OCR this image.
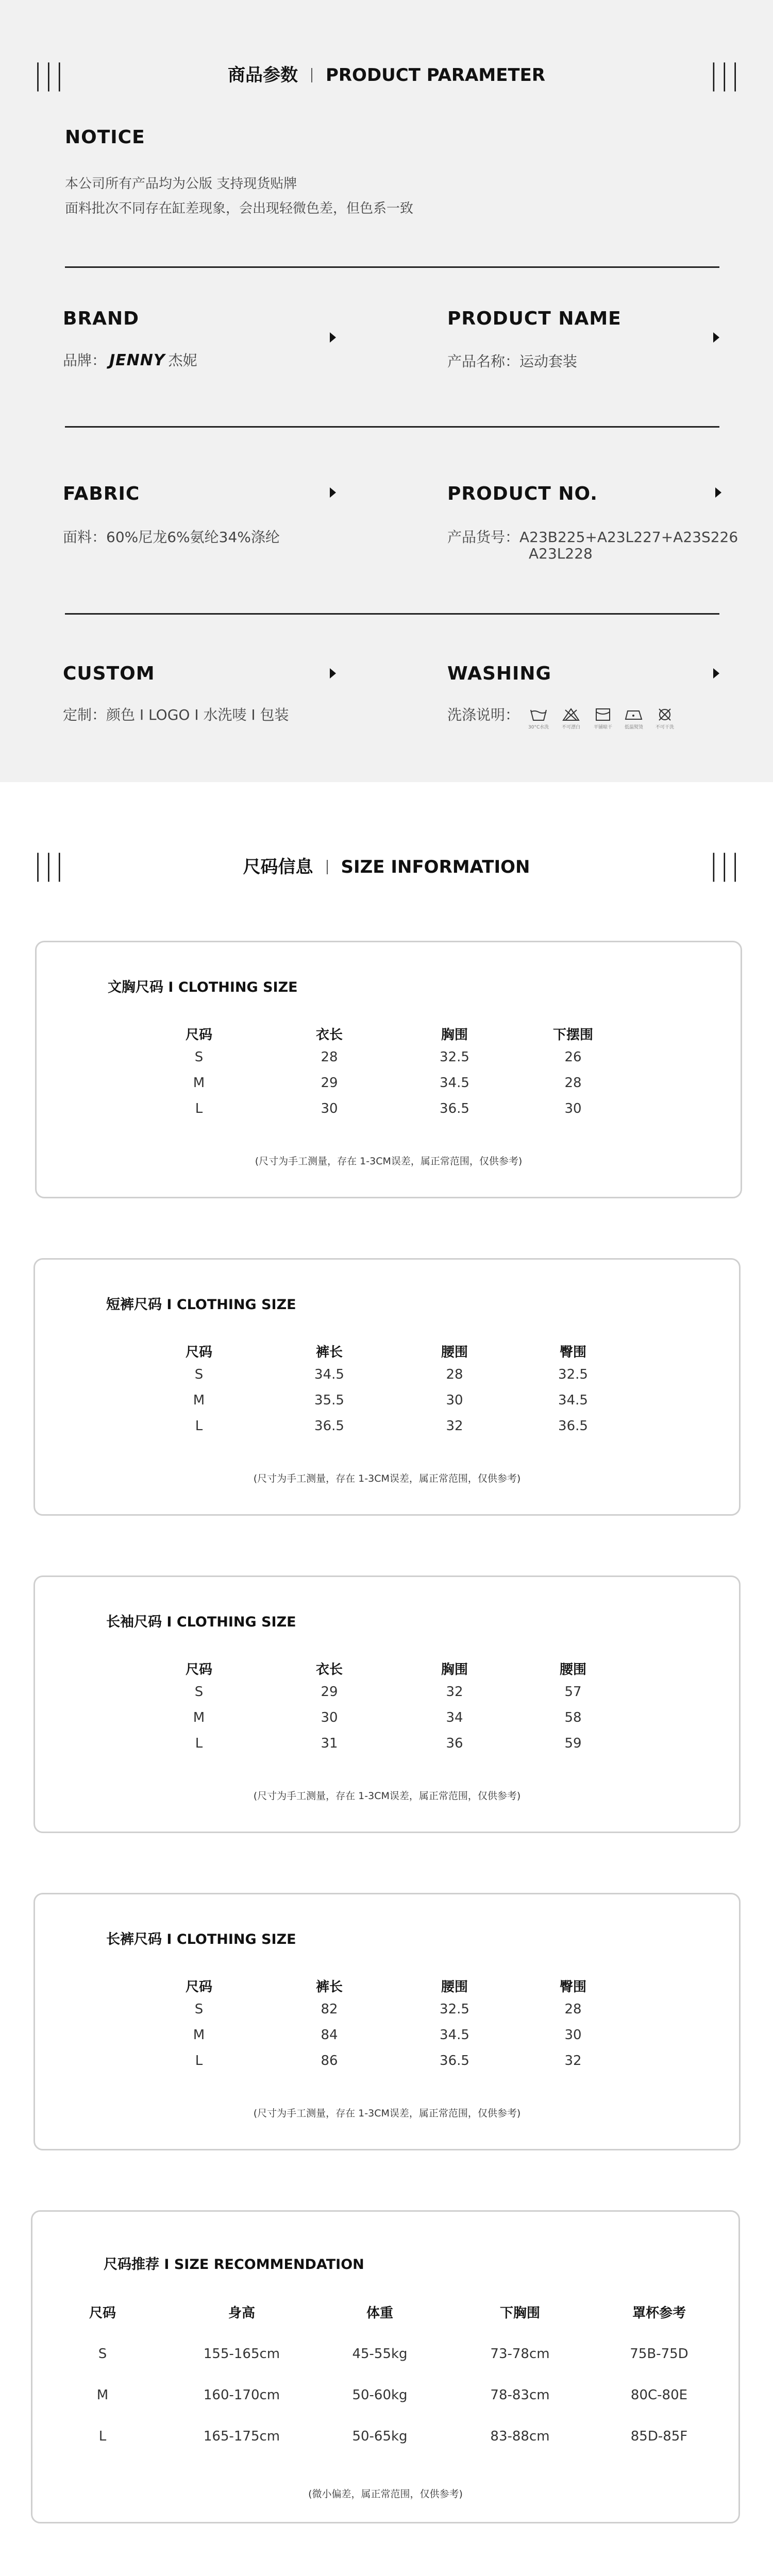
|||	商品参数 PRODUCT PARAMETER	|||
NOTICE
本公司所有产品均为公版 支持现货贴牌
面料批次不同存在缸差现象，会出现轻微色差，但色系一致
BRAND
品牌： JENNY 杰妮
PRODUCT NAME
产品名称：运动套装
FABRIC
面料：60%尼龙6%氨纶34%涤纶
PRODUCT NO.
产品货号：A23B225+A23L227+A23S226
A23L228
CUSTOM
定制：颜色 I LOGO I 水洗唛 I 包装
WASHING
洗涤说明：
30°C水洗	不可漂白	平铺晾干	低温熨烫	不可干洗
|||	尺码信息 SIZE INFORMATION	|||
文胸尺码 I CLOTHING SIZE
尺码	衣长	胸围	下摆围
S	28	32.5	26
M	29	34.5	28
L	30	36.5	30
(尺寸为手工测量，存在 1-3CM误差，属正常范围，仅供参考)
短裤尺码 I CLOTHING SIZE
尺码	裤长	腰围	臀围
S	34.5	28	32.5
M	35.5	30	34.5
L	36.5	32	36.5
(尺寸为手工测量，存在 1-3CM误差，属正常范围，仅供参考)
长袖尺码 I CLOTHING SIZE
尺码	衣长	胸围	腰围
S	29	32	57
M	30	34	58
L	31	36	59
(尺寸为手工测量，存在 1-3CM误差，属正常范围，仅供参考)
长裤尺码 I CLOTHING SIZE
尺码	裤长	腰围	臀围
S	82	32.5	28
M	84	34.5	30
L	86	36.5	32
(尺寸为手工测量，存在 1-3CM误差，属正常范围，仅供参考)
尺码推荐 I SIZE RECOMMENDATION
尺码	身高	体重	下胸围	罩杯参考
S	155-165cm	45-55kg	73-78cm	75B-75D
M	160-170cm	50-60kg	78-83cm	80C-80E
L	165-175cm	50-65kg	83-88cm	85D-85F
(微小偏差，属正常范围，仅供参考)
